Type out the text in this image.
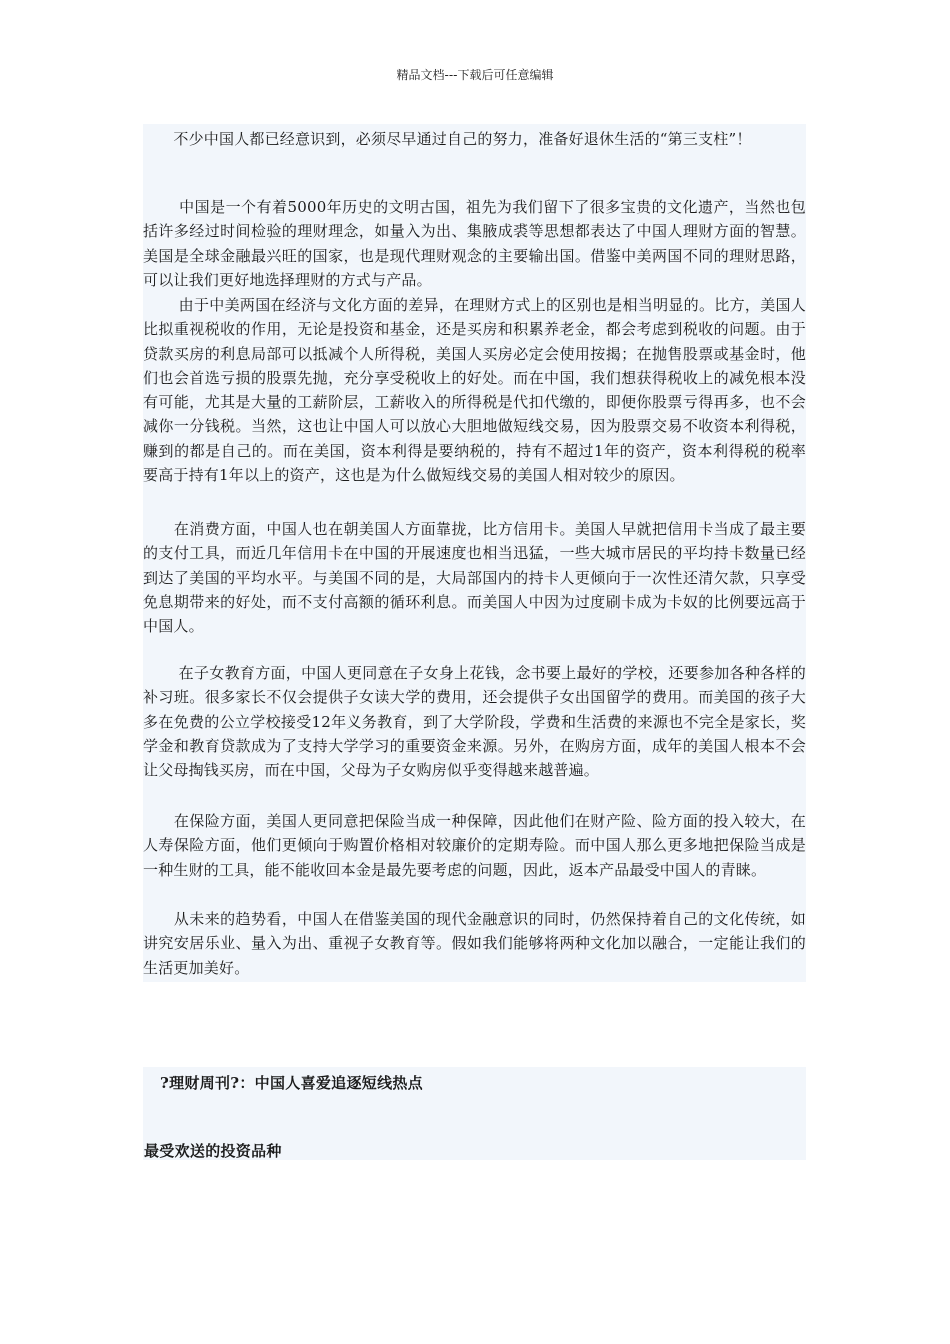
精品文档---下载后可任意编辑

　　不少中国人都已经意识到，必须尽早通过自己的努力，准备好退休生活的“第三支柱”！

　　 中国是一个有着5000年历史的文明古国，祖先为我们留下了很多宝贵的文化遗产，当然也包括许多经过时间检验的理财理念，如量入为出、集腋成裘等思想都表达了中国人理财方面的智慧。美国是全球金融最兴旺的国家，也是现代理财观念的主要输出国。借鉴中美两国不同的理财思路，可以让我们更好地选择理财的方式与产品。

　　 由于中美两国在经济与文化方面的差异，在理财方式上的区别也是相当明显的。比方，美国人比拟重视税收的作用，无论是投资和基金，还是买房和积累养老金，都会考虑到税收的问题。由于贷款买房的利息局部可以抵减个人所得税，美国人买房必定会使用按揭；在抛售股票或基金时，他们也会首选亏损的股票先抛，充分享受税收上的好处。而在中国，我们想获得税收上的减免根本没有可能，尤其是大量的工薪阶层，工薪收入的所得税是代扣代缴的，即便你股票亏得再多，也不会减你一分钱税。当然，这也让中国人可以放心大胆地做短线交易，因为股票交易不收资本利得税，赚到的都是自己的。而在美国，资本利得是要纳税的，持有不超过1年的资产，资本利得税的税率要高于持有1年以上的资产，这也是为什么做短线交易的美国人相对较少的原因。

　　在消费方面，中国人也在朝美国人方面靠拢，比方信用卡。美国人早就把信用卡当成了最主要的支付工具，而近几年信用卡在中国的开展速度也相当迅猛，一些大城市居民的平均持卡数量已经到达了美国的平均水平。与美国不同的是，大局部国内的持卡人更倾向于一次性还清欠款，只享受免息期带来的好处，而不支付高额的循环利息。而美国人中因为过度刷卡成为卡奴的比例要远高于中国人。

　　 在子女教育方面，中国人更同意在子女身上花钱，念书要上最好的学校，还要参加各种各样的补习班。很多家长不仅会提供子女读大学的费用，还会提供子女出国留学的费用。而美国的孩子大多在免费的公立学校接受12年义务教育，到了大学阶段，学费和生活费的来源也不完全是家长，奖学金和教育贷款成为了支持大学学习的重要资金来源。另外，在购房方面，成年的美国人根本不会让父母掏钱买房，而在中国，父母为子女购房似乎变得越来越普遍。

　　在保险方面，美国人更同意把保险当成一种保障，因此他们在财产险、险方面的投入较大，在人寿保险方面，他们更倾向于购置价格相对较廉价的定期寿险。而中国人那么更多地把保险当成是一种生财的工具，能不能收回本金是最先要考虑的问题，因此，返本产品最受中国人的青睐。

　　从未来的趋势看，中国人在借鉴美国的现代金融意识的同时，仍然保持着自己的文化传统，如讲究安居乐业、量入为出、重视子女教育等。假如我们能够将两种文化加以融合，一定能让我们的生活更加美好。

?理财周刊?：中国人喜爱追逐短线热点

最受欢送的投资品种
